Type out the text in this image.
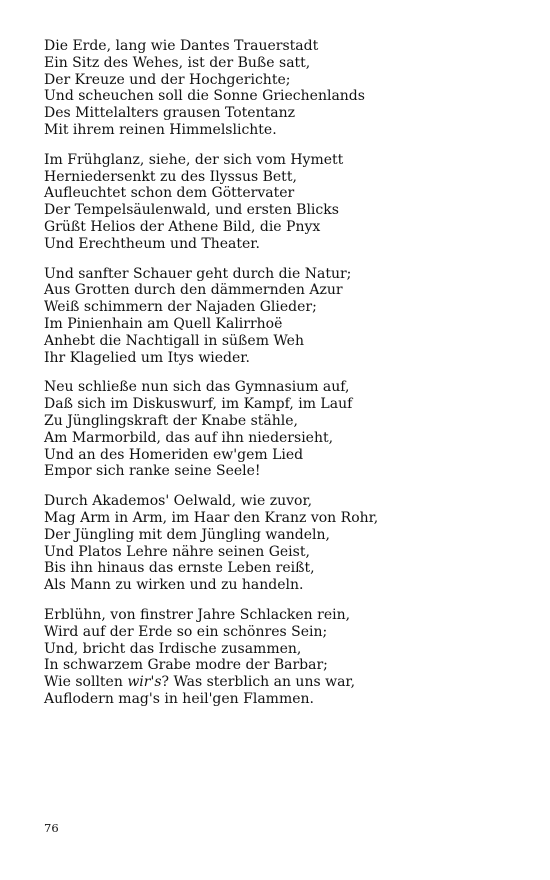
Die Erde, lang wie Dantes Trauerstadt
Ein Sitz des Wehes, ist der Buße satt,
Der Kreuze und der Hochgerichte;
Und scheuchen soll die Sonne Griechenlands
Des Mittelalters grausen Totentanz
Mit ihrem reinen Himmelslichte.
Im Frühglanz, siehe, der sich vom Hymett
Herniedersenkt zu des Ilyssus Bett,
Aufleuchtet schon dem Göttervater
Der Tempelsäulenwald, und ersten Blicks
Grüßt Helios der Athene Bild, die Pnyx
Und Erechtheum und Theater.
Und sanfter Schauer geht durch die Natur;
Aus Grotten durch den dämmernden Azur
Weiß schimmern der Najaden Glieder;
Im Pinienhain am Quell Kalirrhoë
Anhebt die Nachtigall in süßem Weh
Ihr Klagelied um Itys wieder.
Neu schließe nun sich das Gymnasium auf,
Daß sich im Diskuswurf, im Kampf, im Lauf
Zu Jünglingskraft der Knabe stähle,
Am Marmorbild, das auf ihn niedersieht,
Und an des Homeriden ew'gem Lied
Empor sich ranke seine Seele!
Durch Akademos' Oelwald, wie zuvor,
Mag Arm in Arm, im Haar den Kranz von Rohr,
Der Jüngling mit dem Jüngling wandeln,
Und Platos Lehre nähre seinen Geist,
Bis ihn hinaus das ernste Leben reißt,
Als Mann zu wirken und zu handeln.
Erblühn, von finstrer Jahre Schlacken rein,
Wird auf der Erde so ein schönres Sein;
Und, bricht das Irdische zusammen,
In schwarzem Grabe modre der Barbar;
Wie sollten wir's? Was sterblich an uns war,
Auflodern mag's in heil'gen Flammen.
76
